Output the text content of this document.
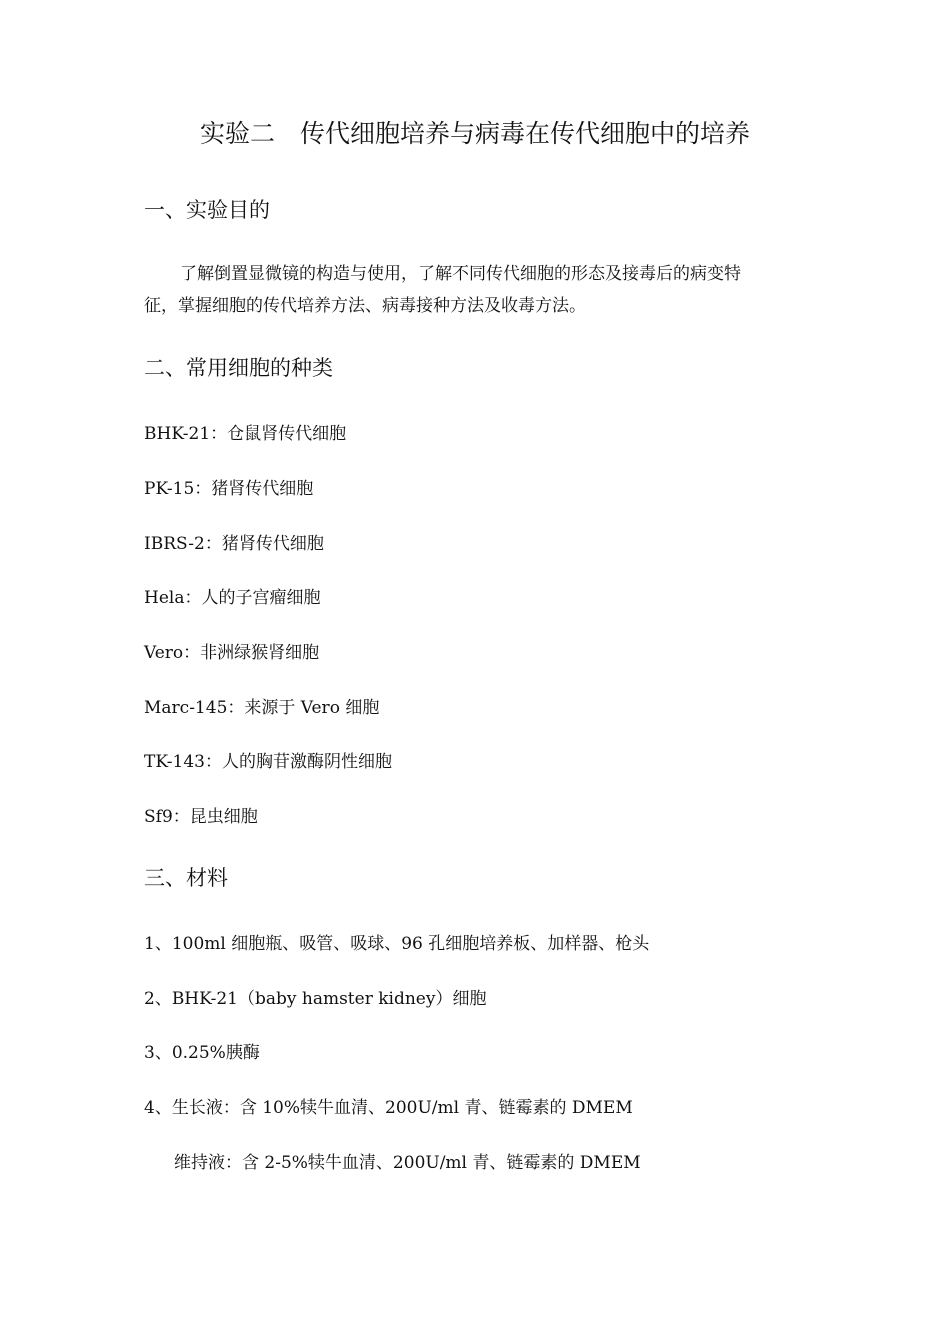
实验二　传代细胞培养与病毒在传代细胞中的培养
一、实验目的
了解倒置显微镜的构造与使用，了解不同传代细胞的形态及接毒后的病变特
征，掌握细胞的传代培养方法、病毒接种方法及收毒方法。
二、常用细胞的种类
BHK-21：仓鼠肾传代细胞
PK-15：猪肾传代细胞
IBRS-2：猪肾传代细胞
Hela：人的子宫瘤细胞
Vero：非洲绿猴肾细胞
Marc-145：来源于 Vero 细胞
TK-143：人的胸苷激酶阴性细胞
Sf9：昆虫细胞
三、材料
1、100ml 细胞瓶、吸管、吸球、96 孔细胞培养板、加样器、枪头
2、BHK-21（baby hamster kidney）细胞
3、0.25%胰酶
4、生长液：含 10%犊牛血清、200U/ml 青、链霉素的 DMEM
维持液：含 2-5%犊牛血清、200U/ml 青、链霉素的 DMEM
